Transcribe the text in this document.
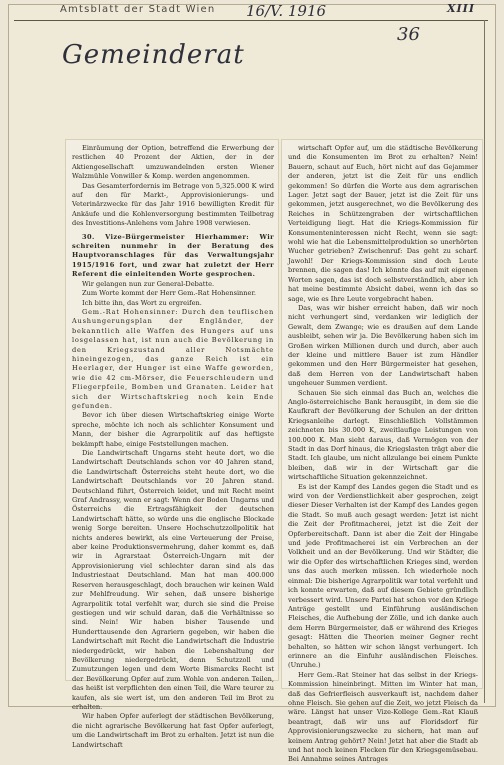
Amtsblatt der Stadt Wien 16/V. 1916	XIII
36
Gemeinderat

Einräumung der Option, betreffend die Erwerbung der restlichen 40 Prozent der Aktien, der in der Aktiengesellschaft umzuwandelnden ersten Wiener Walzmühle Vonwiller & Komp. werden angenommen.

Das Gesamterfordernis im Betrage von 5,325.000 K wird auf den für Markt-, Approvisionierungs- und Veterinärzwecke für das Jahr 1916 bewilligten Kredit für Ankäufe und die Kohlenversorgung bestimmten Teilbetrag des Investitions-Anlehens vom Jahre 1908 verwiesen.

30. Vize-Bürgermeister Hierhammer: Wir schreiten nunmehr in der Beratung des Hauptvoranschlages für das Verwaltungsjahr 1915/1916 fort, und zwar hat zuletzt der Herr Referent die einleitenden Worte gesprochen.

Wir gelangen nun zur General-Debatte.

Zum Worte kommt der Herr Gem.-Rat Hohensinner.

Ich bitte ihn, das Wort zu ergreifen.

Gem.-Rat Hohensinner: Durch den teuflischen Aushungerungsplan der Engländer, der bekanntlich alle Waffen des Hungers auf uns losgelassen hat, ist nun auch die Bevölkerung in den Kriegszustand aller Notsmächte hineingezogen, das ganze Reich ist ein Heerlager, der Hunger ist eine Waffe geworden, wie die 42 cm-Mörser, die Feuerschleudern und Fliegerpfeile, Bomben und Granaten. Leider hat sich der Wirtschaftskrieg noch kein Ende gefunden.

Bevor ich über diesen Wirtschaftskrieg einige Worte spreche, möchte ich noch als schlichter Konsument und Mann, der bisher die Agrarpolitik auf das heftigste bekämpft habe, einige Feststellungen machen.

Die Landwirtschaft Ungarns steht heute dort, wo die Landwirtschaft Deutschlands schon vor 40 Jahren stand, die Landwirtschaft Österreichs steht heute dort, wo die Landwirtschaft Deutschlands vor 20 Jahren stand. Deutschland führt, Österreich leidet, und mit Recht meint Graf Andrassy, wenn er sagt: Wenn der Boden Ungarns und Österreichs die Ertragsfähigkeit der deutschen Landwirtschaft hätte, so würde uns die englische Blockade wenig Sorge bereiten. Unsere Hochschutzzollpolitik hat nichts anderes bewirkt, als eine Verteuerung der Preise, aber keine Produktionsvermehrung, daher kommt es, daß wir in Agrarstaat Österreich-Ungarn mit der Approvisionierung viel schlechter daran sind als das Industriestaat Deutschland. Man hat man 400.000 Reserven herausgeschlagt, doch brauchen wir keinen Wald zur Mehlfreudung. Wir sehen, daß unsere bisherige Agrarpolitik total verfehlt war, durch sie sind die Preise gestiegen und wir schuld daran, daß die Verhältnisse so sind. Nein! Wir haben bisher Tausende und Hunderttausende den Agrariern gegeben, wir haben die Landwirtschaft mit Recht die Landwirtschaft die Industrie niedergedrückt, wir haben die Lebenshaltung der Bevölkerung niedergedrückt, denn Schutzzoll und Zumutzungen legen und dem Worte Bismarcks Recht ist der Bevölkerung Opfer auf zum Wohle von anderen Teilen, das heißt ist verpflichten den einen Teil, die Ware teurer zu kaufen, als sie wert ist, um den anderen Teil im Brot zu erhalten.

Wir haben Opfer auferlegt der städtischen Bevölkerung, die nicht agrarische Bevölkerung hat fast Opfer auferlegt, um die Landwirtschaft im Brot zu erhalten. Jetzt ist nun die Landwirtschaft

wirtschaft Opfer auf, um die städtische Bevölkerung und die Konsumenten im Brot zu erhalten? Nein! Bauern, schaut auf Euch, hört nicht auf das Gejammer der anderen, jetzt ist die Zeit für uns endlich gekommen! So dürfen die Worte aus dem agrarischen Lager. Jetzt sagt der Bauer, jetzt ist die Zeit für uns gekommen, jetzt ausgerechnet, wo die Bevölkerung des Reiches in Schützengraben der wirtschaftlichen Verteidigung liegt. Hat die Kriegs-Kommission für Konsumenteninteressen nicht Recht, wenn sie sagt: wohl wie hat die Lebensmittelproduktion so unerhörten Wucher getrieben? Zwischenruf: Das geht zu scharf. Jawohl! Der Kriegs-Kommission sind doch Leute brennen, die sagen das! Ich könnte das auf mit eigenen Worten sagen, das ist doch selbstverständlich, aber ich hat meine bestimmte Absicht dabei, wenn ich das so sage, wie es Ihre Leute vorgebracht haben.

Das, was wir bisher erreicht haben, daß wir noch nicht verhungert sind, verdanken wir lediglich der Gewalt, dem Zwange; wie es draußen auf dem Lande ausbleibt, sehen wir ja. Die Bevölkerung haben sich im Großen wirken Millionen durch und durch, aber auch der kleine und mittlere Bauer ist zum Händler gekommen und den Herr Bürgermeister hat gesehen, daß dem Herren von der Landwirtschaft haben ungeheuer Summen verdient.

Schauen Sie sich einmal das Buch an, welches die Anglo-österreichische Bank herausgibt, in dem sie die Kaufkraft der Bevölkerung der Schulen an der dritten Kriegsanleihe darlegt. Einschließlich Vollstämmen zeichneten bis 30.000 K, zweitlaufige Leistungen von 100.000 K. Man sieht daraus, daß Vermögen von der Stadt in das Dorf hinaus, die Kriegslasten trägt aber die Stadt. Ich glaube, um nicht allzulange bei einem Punkte bleiben, daß wir in der Wirtschaft gar die wirtschaftliche Situation gekennzeichnet.

Es ist der Kampf des Landes gegen die Stadt und es wird von der Verdienstlichkeit aber gesprochen, zeigt dieser Dieser Verhalten ist der Kampf des Landes gegen die Stadt. So muß auch gesagt werden: Jetzt ist nicht die Zeit der Profitmacherei, jetzt ist die Zeit der Opferbereitschaft. Dann ist aber die Zeit der Hingabe und jede Profitmacherei ist ein Verbrechen an der Volkheit und an der Bevölkerung. Und wir Städter, die wir die Opfer des wirtschaftlichen Krieges sind, werden uns das auch merken müssen. Ich wiederhole noch einmal: Die bisherige Agrarpolitik war total verfehlt und ich konnte erwarten, daß auf diesem Gebiete gründlich verbessert wird. Unsere Partei hat schon vor den Kriege Anträge gestellt und Einführung ausländischen Fleisches, die Aufhebung der Zölle, und ich danke auch dem Herrn Bürgermeister, daß er während des Krieges gesagt: Hätten die Theorien meiner Gegner recht behalten, so hätten wir schon längst verhungert. Ich erinnere an die Einfuhr ausländischen Fleisches. (Unruhe.)

Herr Gem.-Rat Steiner hat das selbst in der Kriegs-Kommission hineinbringt. Mitten im Winter hat man, daß das Gefrierfleisch ausverkauft ist, nachdem daher ohne Fleisch. Sie gehen auf die Zeit, wo jetzt Fleisch da wäre. Längst hat unser Vize-Kollege Gem.-Rat Klauß beantragt, daß wir uns auf Floridsdorf für Approvisionierungszwecke zu sichern, hat man auf keinem Antrag gehört? Nein! Jetzt hat aber die Stadt ab und hat noch keinen Flecken für den Kriegsgemüsebau. Bei Annahme seines Antrages
